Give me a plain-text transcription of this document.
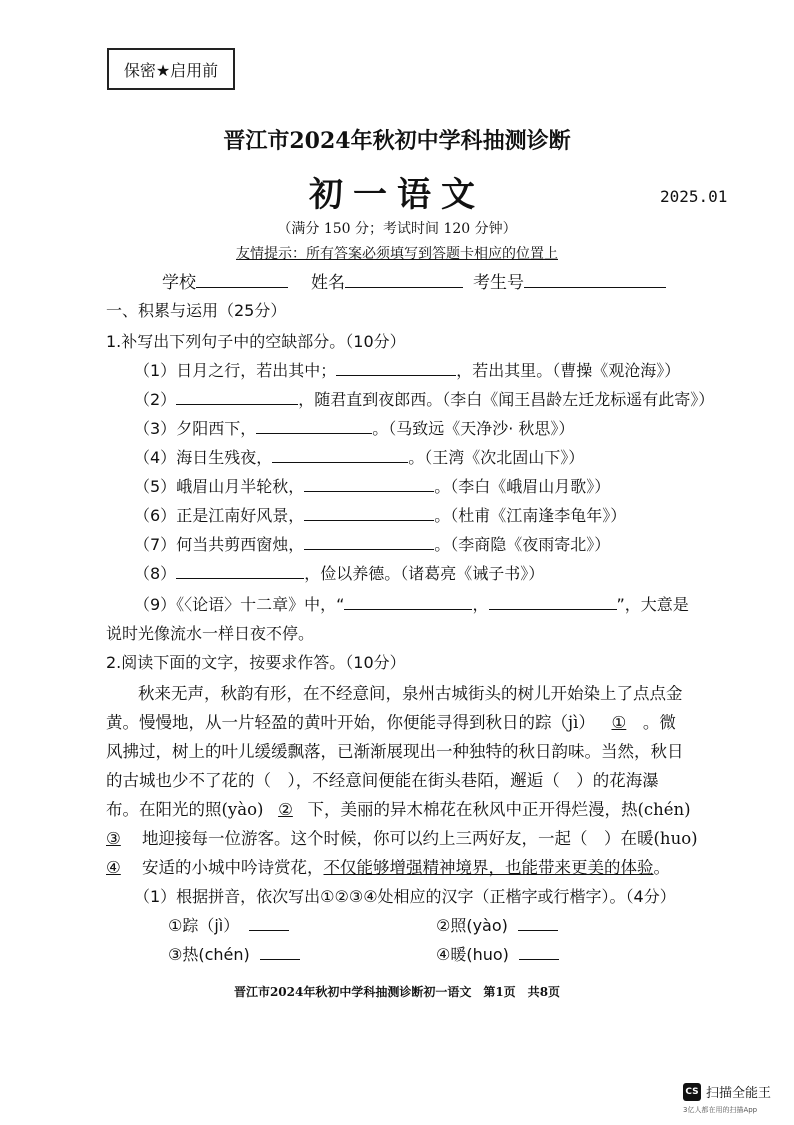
保密★启用前
晋江市2024年秋初中学科抽测诊断
初一语文	2025.01
（满分 150 分；考试时间 120 分钟）
友情提示：所有答案必须填写到答题卡相应的位置上
学校	姓名	考生号
一、积累与运用（25分）
1.补写出下列句子中的空缺部分。（10分）
（1）日月之行，若出其中；	，若出其里。（曹操《观沧海》）
（2）	，随君直到夜郎西。（李白《闻王昌龄左迁龙标遥有此寄》）
（3）夕阳西下，	。（马致远《天净沙· 秋思》）
（4）海日生残夜，	。（王湾《次北固山下》）
（5）峨眉山月半轮秋，	。（李白《峨眉山月歌》）
（6）正是江南好风景，	。（杜甫《江南逢李龟年》）
（7）何当共剪西窗烛，	。（李商隐《夜雨寄北》）
（8）	，俭以养德。（诸葛亮《诫子书》）
（9）《〈论语〉十二章》中，“	，	”，大意是
说时光像流水一样日夜不停。
2.阅读下面的文字，按要求作答。（10分）
秋来无声，秋韵有形，在不经意间，泉州古城街头的树儿开始染上了点点金
黄。慢慢地，从一片轻盈的黄叶开始，你便能寻得到秋日的踪（jì） ① 。微
风拂过，树上的叶儿缓缓飘落，已渐渐展现出一种独特的秋日韵味。当然，秋日
的古城也少不了花的（　），不经意间便能在街头巷陌，邂逅（　）的花海瀑
布。在阳光的照(yào) ② 下，美丽的异木棉花在秋风中正开得烂漫，热(chén)
③ 地迎接每一位游客。这个时候，你可以约上三两好友，一起（　）在暖(huo)
④ 安适的小城中吟诗赏花，不仅能够增强精神境界，也能带来更美的体验。
（1）根据拼音，依次写出①②③④处相应的汉字（正楷字或行楷字）。（4分）
①踪（jì）	②照(yào)
③热(chén)	④暖(huo)
晋江市2024年秋初中学科抽测诊断初一语文　第1页　共8页
CS 扫描全能王
3亿人都在用的扫描App
